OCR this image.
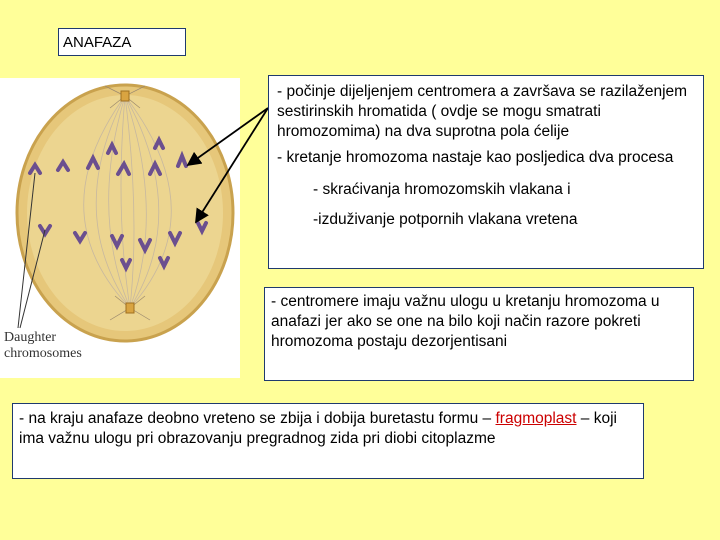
ANAFAZA
Daughter
chromosomes

- počinje dijeljenjem centromera a završava se razilaženjem sestirinskih hromatida ( ovdje se mogu smatrati hromozomima) na dva suprotna pola ćelije

- kretanje hromozoma nastaje kao posljedica dva procesa

- skraćivanja hromozomskih vlakana i

-izduživanje potpornih vlakana vretena

- centromere imaju važnu ulogu u kretanju hromozoma u anafazi jer ako se one na bilo koji način razore pokreti hromozoma postaju dezorjentisani
- na kraju anafaze deobno vreteno se zbija i dobija buretastu formu – fragmoplast – koji ima važnu ulogu pri obrazovanju pregradnog zida pri diobi citoplazme
